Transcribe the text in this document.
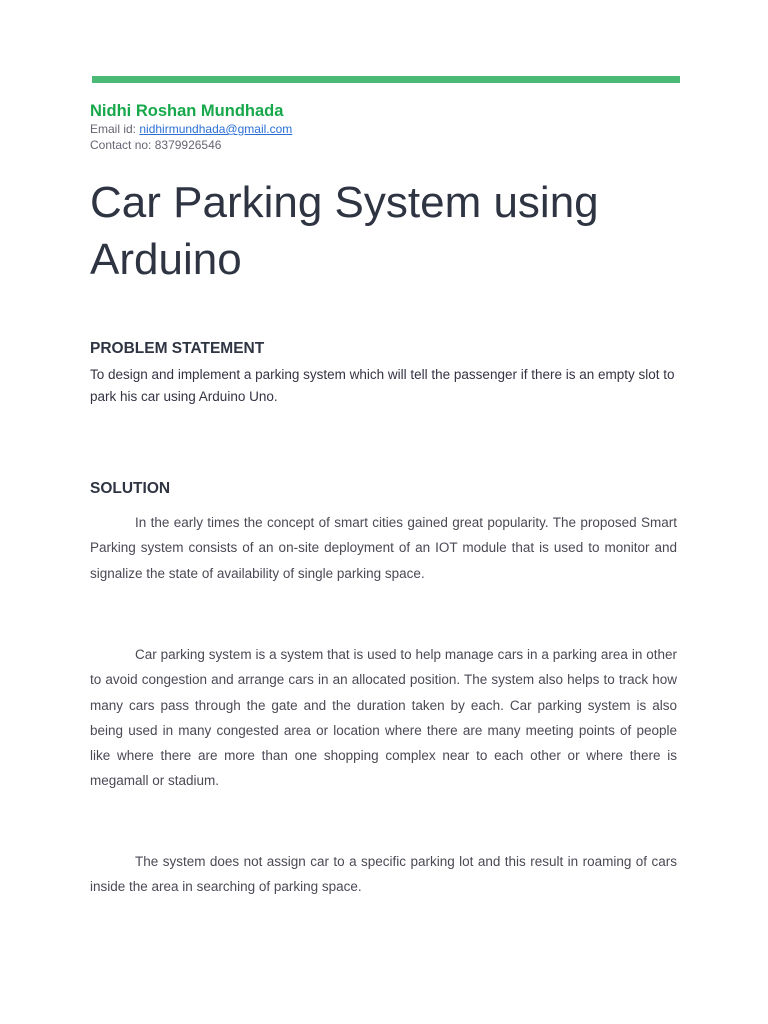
Nidhi Roshan Mundhada
Email id: nidhirmundhada@gmail.com
Contact no: 8379926546
Car Parking System using Arduino
PROBLEM STATEMENT

To design and implement a parking system which will tell the passenger if there is an empty slot to park his car using Arduino Uno.

SOLUTION

In the early times the concept of smart cities gained great popularity. The proposed Smart Parking system consists of an on-site deployment of an IOT module that is used to monitor and signalize the state of availability of single parking space.

Car parking system is a system that is used to help manage cars in a parking area in other to avoid congestion and arrange cars in an allocated position. The system also helps to track how many cars pass through the gate and the duration taken by each. Car parking system is also being used in many congested area or location where there are many meeting points of people like where there are more than one shopping complex near to each other or where there is megamall or stadium.

The system does not assign car to a specific parking lot and this result in roaming of cars inside the area in searching of parking space.
